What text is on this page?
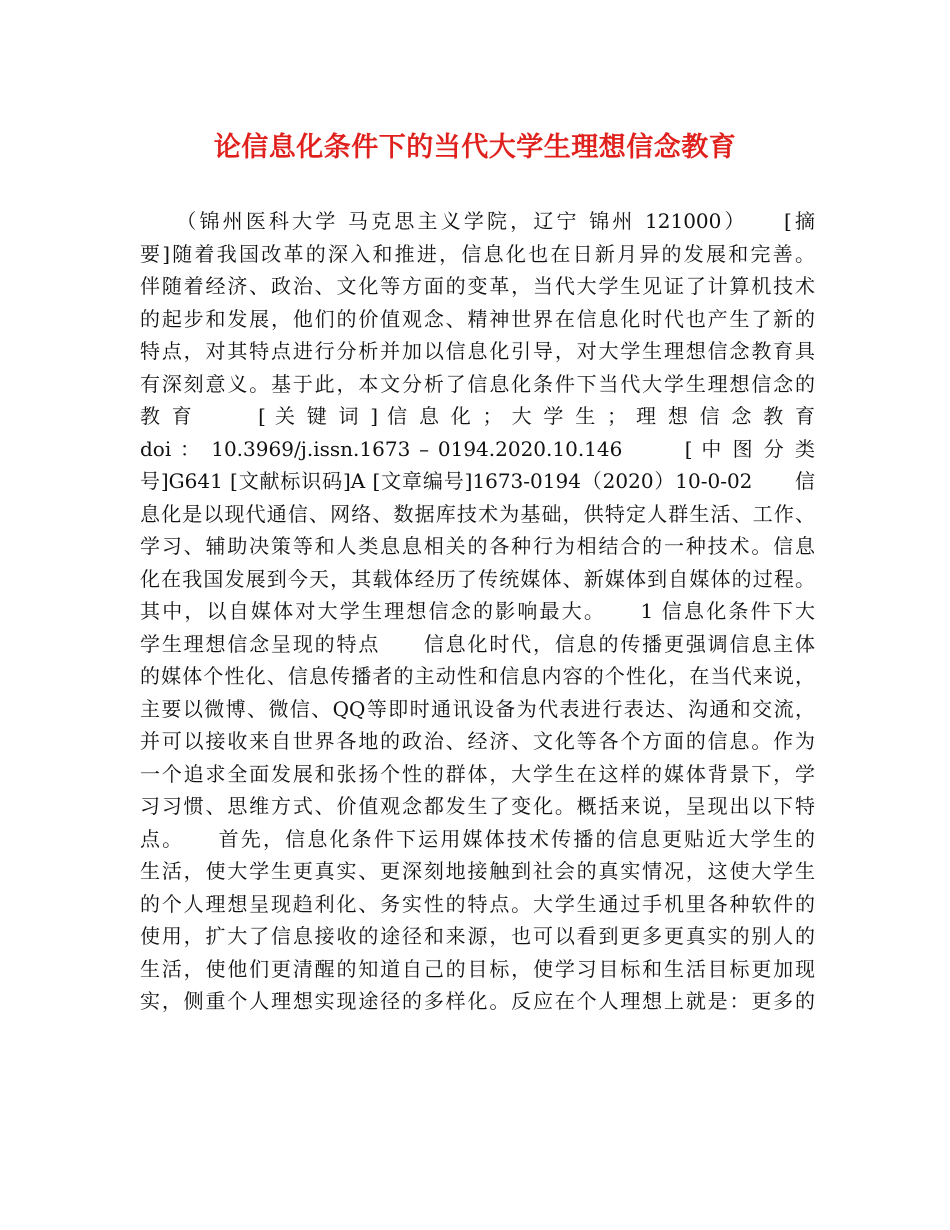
论信息化条件下的当代大学生理想信念教育
　　（锦州医科大学 马克思主义学院，辽宁 锦州 121000）　　[摘
要]随着我国改革的深入和推进，信息化也在日新月异的发展和完善。
伴随着经济、政治、文化等方面的变革，当代大学生见证了计算机技术
的起步和发展，他们的价值观念、精神世界在信息化时代也产生了新的
特点，对其特点进行分析并加以信息化引导，对大学生理想信念教育具
有深刻意义。基于此，本文分析了信息化条件下当代大学生理想信念的
教 育 　　 [ 关 键 词 ] 信 息 化 ； 大 学 生 ； 理 想 信 念 教 育
doi ： 10.3969/j.issn.1673 – 0194.2020.10.146 　　 [ 中 图 分 类
号]G641 [文献标识码]A [文章编号]1673-0194（2020）10-0-02　　信
息化是以现代通信、网络、数据库技术为基础，供特定人群生活、工作、
学习、辅助决策等和人类息息相关的各种行为相结合的一种技术。信息
化在我国发展到今天，其载体经历了传统媒体、新媒体到自媒体的过程。
其中，以自媒体对大学生理想信念的影响最大。　　1 信息化条件下大
学生理想信念呈现的特点　　信息化时代，信息的传播更强调信息主体
的媒体个性化、信息传播者的主动性和信息内容的个性化，在当代来说，
主要以微博、微信、QQ等即时通讯设备为代表进行表达、沟通和交流，
并可以接收来自世界各地的政治、经济、文化等各个方面的信息。作为
一个追求全面发展和张扬个性的群体，大学生在这样的媒体背景下，学
习习惯、思维方式、价值观念都发生了变化。概括来说，呈现出以下特
点。　　首先，信息化条件下运用媒体技术传播的信息更贴近大学生的
生活，使大学生更真实、更深刻地接触到社会的真实情况，这使大学生
的个人理想呈现趋利化、务实性的特点。大学生通过手机里各种软件的
使用，扩大了信息接收的途径和来源，也可以看到更多更真实的别人的
生活，使他们更清醒的知道自己的目标，使学习目标和生活目标更加现
实，侧重个人理想实现途径的多样化。反应在个人理想上就是：更多的
